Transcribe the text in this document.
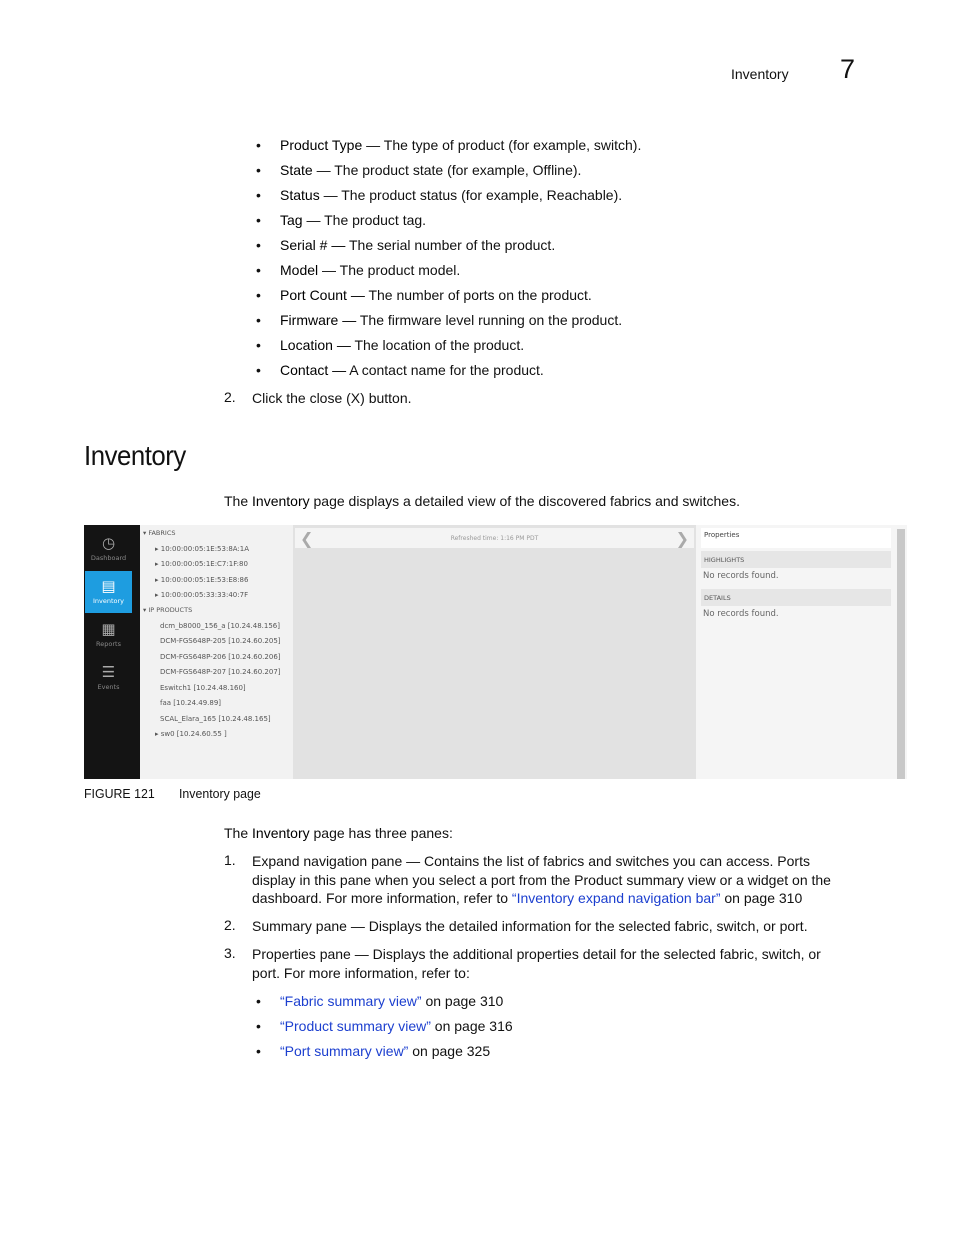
Inventory 7
• Product Type — The type of product (for example, switch).
• State — The product state (for example, Offline).
• Status — The product status (for example, Reachable).
• Tag — The product tag.
• Serial # — The serial number of the product.
• Model — The product model.
• Port Count — The number of ports on the product.
• Firmware — The firmware level running on the product.
• Location — The location of the product.
• Contact — A contact name for the product.
2. Click the close (X) button.
Inventory
The Inventory page displays a detailed view of the discovered fabrics and switches.
◷
Dashboard
▤
Inventory
▦
Reports
☰
Events
▾ FABRICS
▸ 10:00:00:05:1E:53:8A:1A
▸ 10:00:00:05:1E:C7:1F:80
▸ 10:00:00:05:1E:53:E8:86
▸ 10:00:00:05:33:33:40:7F
▾ IP PRODUCTS
dcm_b8000_156_a [10.24.48.156]
DCM-FGS648P-205 [10.24.60.205]
DCM-FGS648P-206 [10.24.60.206]
DCM-FGS648P-207 [10.24.60.207]
Eswitch1 [10.24.48.160]
faa [10.24.49.89]
SCAL_Elara_165 [10.24.48.165]
▸ sw0 [10.24.60.55 ]
❮	Refreshed time: 1:16 PM PDT	❯ Properties
HIGHLIGHTS
No records found.
DETAILS
No records found.
FIGURE 121 Inventory page
The Inventory page has three panes:
1. Expand navigation pane — Contains the list of fabrics and switches you can access. Ports
display in this pane when you select a port from the Product summary view or a widget on the
dashboard. For more information, refer to “Inventory expand navigation bar” on page 310
2. Summary pane — Displays the detailed information for the selected fabric, switch, or port.
3. Properties pane — Displays the additional properties detail for the selected fabric, switch, or
port. For more information, refer to:
• “Fabric summary view” on page 310
• “Product summary view” on page 316
• “Port summary view” on page 325
